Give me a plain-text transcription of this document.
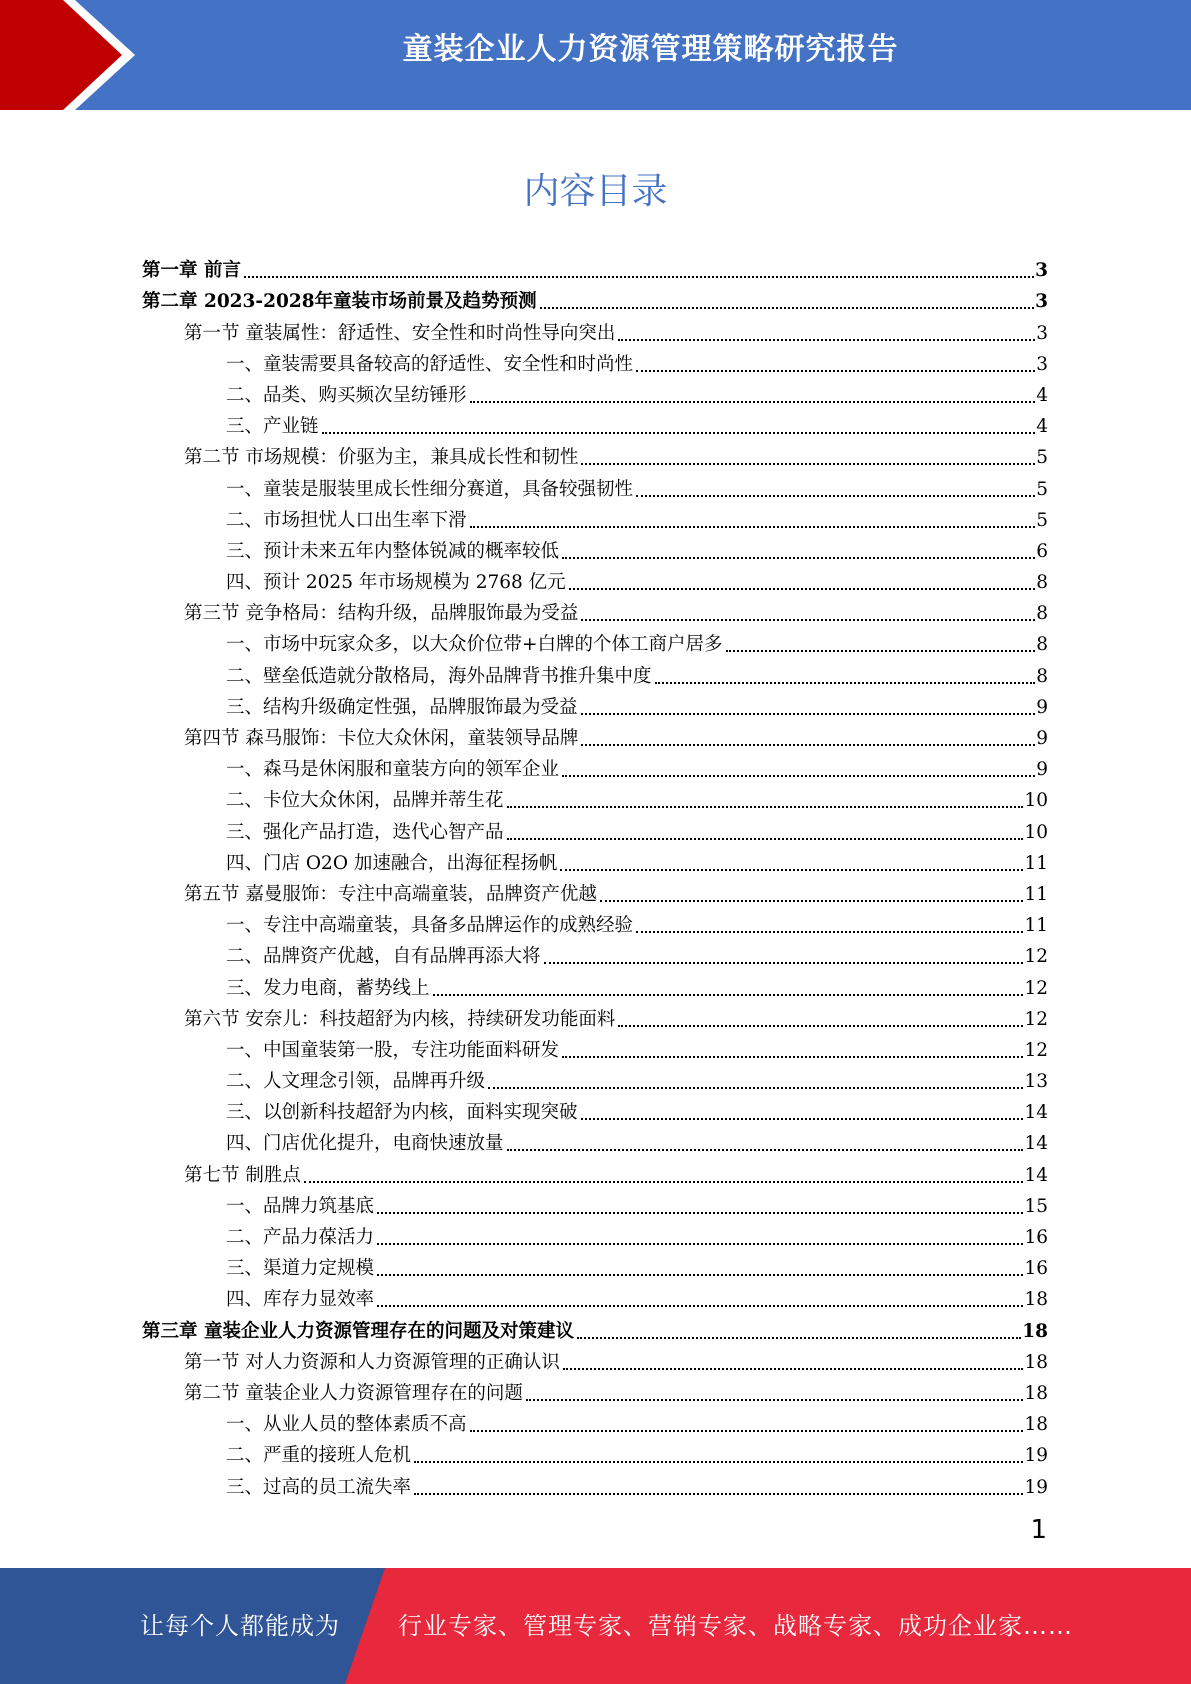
童装企业人力资源管理策略研究报告
内容目录
第一章 前言	3
第二章 2023-2028年童装市场前景及趋势预测	3
第一节 童装属性：舒适性、安全性和时尚性导向突出	3
一、童装需要具备较高的舒适性、安全性和时尚性	3
二、品类、购买频次呈纺锤形	4
三、产业链	4
第二节 市场规模：价驱为主，兼具成长性和韧性	5
一、童装是服装里成长性细分赛道，具备较强韧性	5
二、市场担忧人口出生率下滑	5
三、预计未来五年内整体锐减的概率较低	6
四、预计 2025 年市场规模为 2768 亿元	8
第三节 竞争格局：结构升级，品牌服饰最为受益	8
一、市场中玩家众多，以大众价位带+白牌的个体工商户居多	8
二、壁垒低造就分散格局，海外品牌背书推升集中度	8
三、结构升级确定性强，品牌服饰最为受益	9
第四节 森马服饰：卡位大众休闲，童装领导品牌	9
一、森马是休闲服和童装方向的领军企业	9
二、卡位大众休闲，品牌并蒂生花	10
三、强化产品打造，迭代心智产品	10
四、门店 O2O 加速融合，出海征程扬帆	11
第五节 嘉曼服饰：专注中高端童装，品牌资产优越	11
一、专注中高端童装，具备多品牌运作的成熟经验	11
二、品牌资产优越，自有品牌再添大将	12
三、发力电商，蓄势线上	12
第六节 安奈儿：科技超舒为内核，持续研发功能面料	12
一、中国童装第一股，专注功能面料研发	12
二、人文理念引领，品牌再升级	13
三、以创新科技超舒为内核，面料实现突破	14
四、门店优化提升，电商快速放量	14
第七节 制胜点	14
一、品牌力筑基底	15
二、产品力葆活力	16
三、渠道力定规模	16
四、库存力显效率	18
第三章 童装企业人力资源管理存在的问题及对策建议	18
第一节 对人力资源和人力资源管理的正确认识	18
第二节 童装企业人力资源管理存在的问题	18
一、从业人员的整体素质不高	18
二、严重的接班人危机	19
三、过高的员工流失率	19
1
让每个人都能成为 行业专家、管理专家、营销专家、战略专家、成功企业家……
